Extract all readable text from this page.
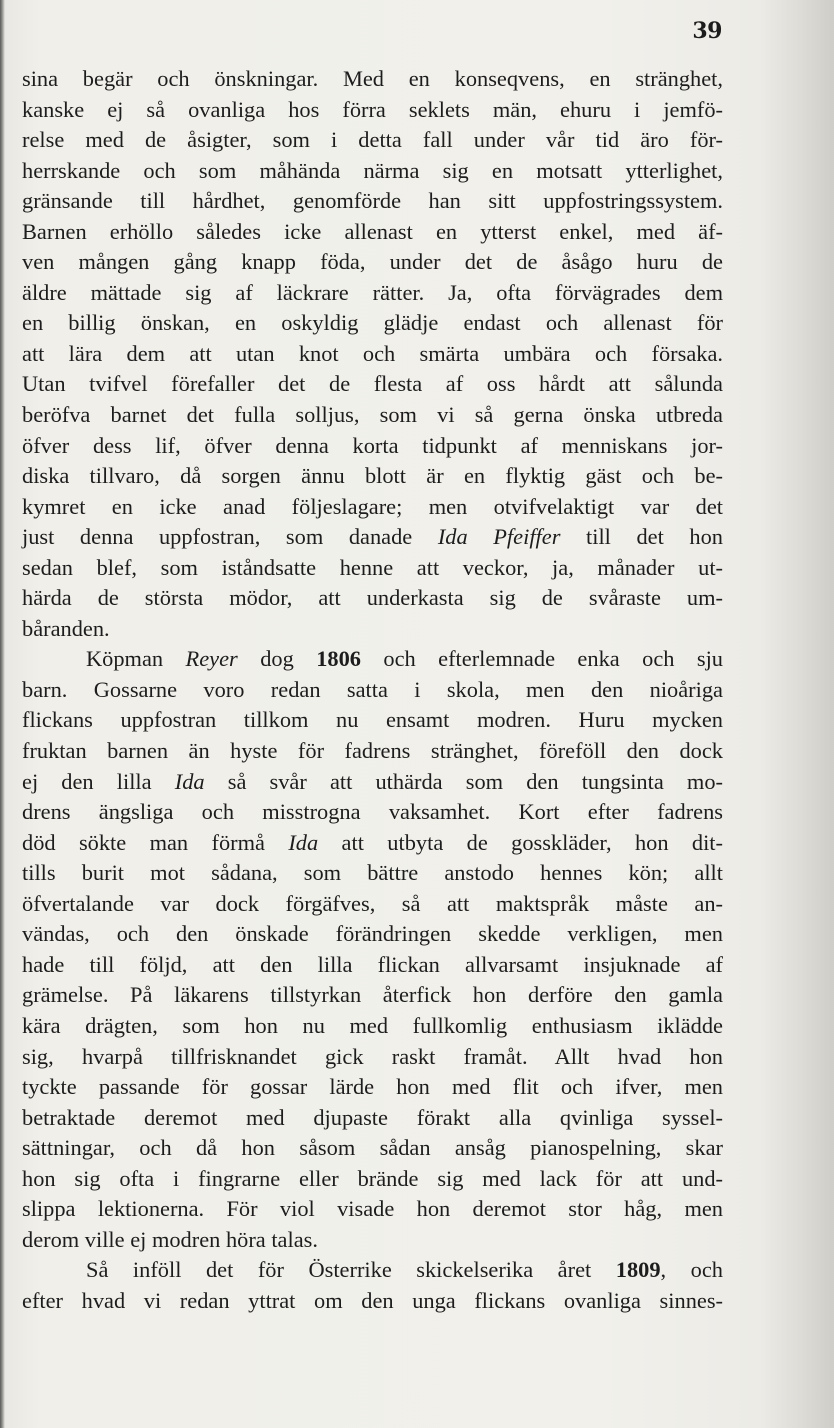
39
sina begär och önskningar. Med en konseqvens, en stränghet,
kanske ej så ovanliga hos förra seklets män, ehuru i jemfö-
relse med de åsigter, som i detta fall under vår tid äro för-
herrskande och som måhända närma sig en motsatt ytterlighet,
gränsande till hårdhet, genomförde han sitt uppfostringssystem.
Barnen erhöllo således icke allenast en ytterst enkel, med äf-
ven mången gång knapp föda, under det de åsågo huru de
äldre mättade sig af läckrare rätter. Ja, ofta förvägrades dem
en billig önskan, en oskyldig glädje endast och allenast för
att lära dem att utan knot och smärta umbära och försaka.
Utan tvifvel förefaller det de flesta af oss hårdt att sålunda
beröfva barnet det fulla solljus, som vi så gerna önska utbreda
öfver dess lif, öfver denna korta tidpunkt af menniskans jor-
diska tillvaro, då sorgen ännu blott är en flyktig gäst och be-
kymret en icke anad följeslagare; men otvifvelaktigt var det
just denna uppfostran, som danade Ida Pfeiffer till det hon
sedan blef, som iståndsatte henne att veckor, ja, månader ut-
härda de största mödor, att underkasta sig de svåraste um-
båranden.
Köpman Reyer dog 1806 och efterlemnade enka och sju
barn. Gossarne voro redan satta i skola, men den nioåriga
flickans uppfostran tillkom nu ensamt modren. Huru mycken
fruktan barnen än hyste för fadrens stränghet, föreföll den dock
ej den lilla Ida så svår att uthärda som den tungsinta mo-
drens ängsliga och misstrogna vaksamhet. Kort efter fadrens
död sökte man förmå Ida att utbyta de gosskläder, hon dit-
tills burit mot sådana, som bättre anstodo hennes kön; allt
öfvertalande var dock förgäfves, så att maktspråk måste an-
vändas, och den önskade förändringen skedde verkligen, men
hade till följd, att den lilla flickan allvarsamt insjuknade af
grämelse. På läkarens tillstyrkan återfick hon derföre den gamla
kära drägten, som hon nu med fullkomlig enthusiasm iklädde
sig, hvarpå tillfrisknandet gick raskt framåt. Allt hvad hon
tyckte passande för gossar lärde hon med flit och ifver, men
betraktade deremot med djupaste förakt alla qvinliga syssel-
sättningar, och då hon såsom sådan ansåg pianospelning, skar
hon sig ofta i fingrarne eller brände sig med lack för att und-
slippa lektionerna. För viol visade hon deremot stor håg, men
derom ville ej modren höra talas.
Så inföll det för Österrike skickelserika året 1809, och
efter hvad vi redan yttrat om den unga flickans ovanliga sinnes-
